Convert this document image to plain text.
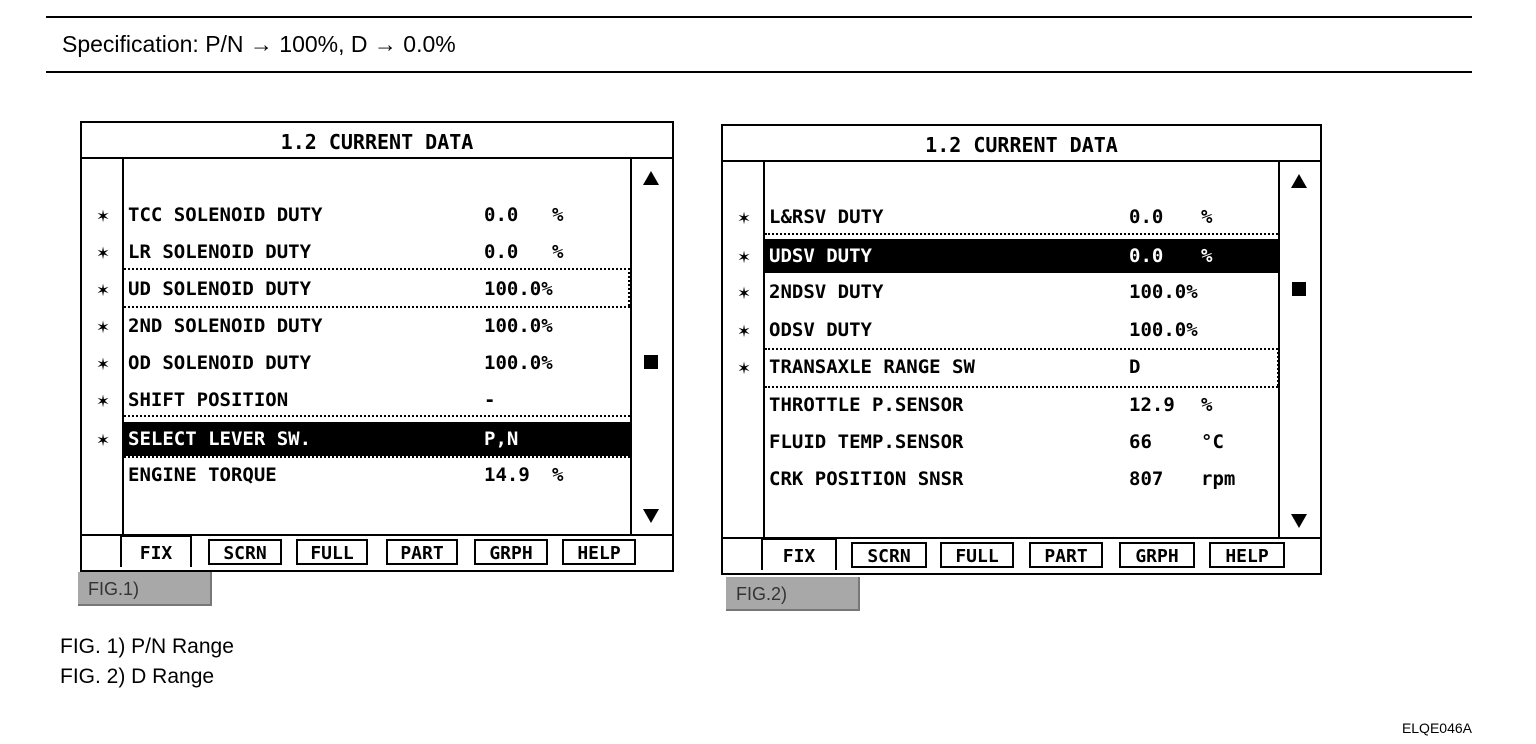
Specification: P/N → 100%, D → 0.0%
1.2 CURRENT DATA
✶ TCC SOLENOID DUTY	0.0 %
✶ LR SOLENOID DUTY	0.0 %
✶ UD SOLENOID DUTY	100.0%
✶ 2ND SOLENOID DUTY	100.0%
✶ OD SOLENOID DUTY	100.0%
✶ SHIFT POSITION	-
✶ SELECT LEVER SW.	P,N
ENGINE TORQUE	14.9 %
FIX	SCRN	FULL	PART	GRPH	HELP
FIG.1)
1.2 CURRENT DATA
✶ L&RSV DUTY	0.0 %
✶ UDSV DUTY	0.0 %
✶ 2NDSV DUTY	100.0%
✶ ODSV DUTY	100.0%
✶ TRANSAXLE RANGE SW	D
THROTTLE P.SENSOR	12.9 %
FLUID TEMP.SENSOR	66	°C
CRK POSITION SNSR	807 rpm
FIX	SCRN	FULL	PART	GRPH	HELP
FIG.2)
FIG. 1) P/N Range
FIG. 2) D Range
ELQE046A
